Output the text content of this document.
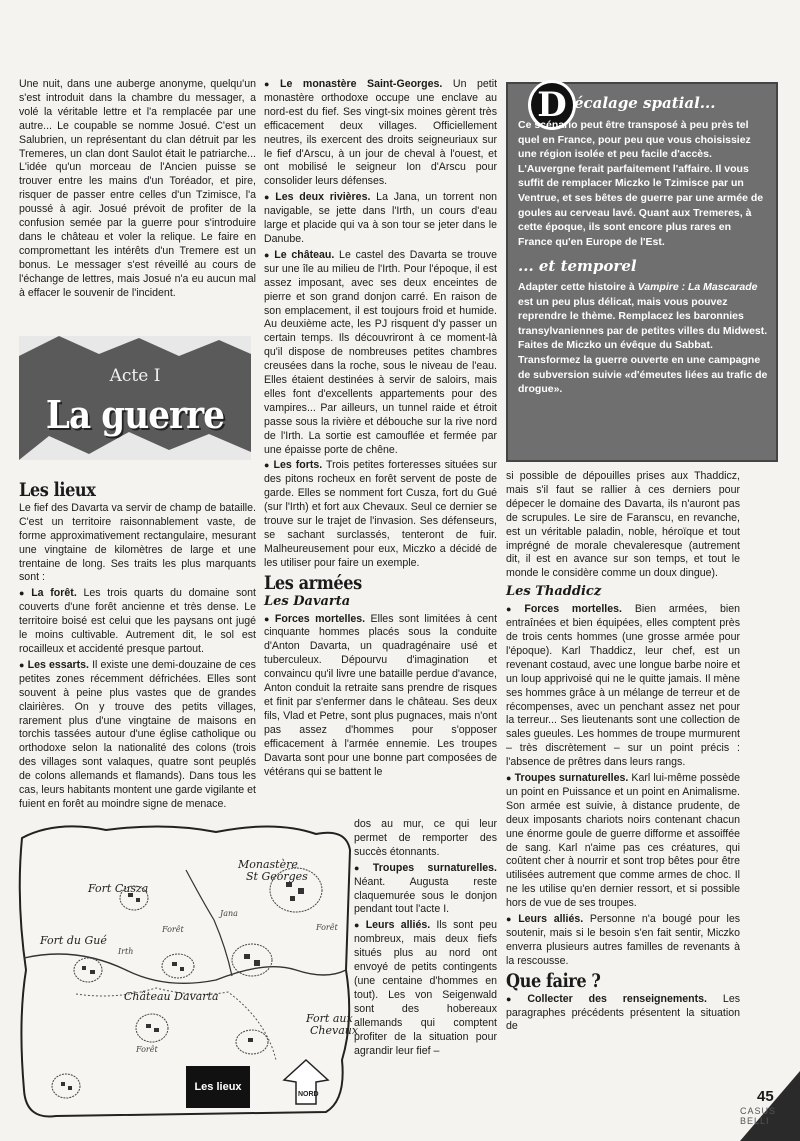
Une nuit, dans une auberge anonyme, quelqu'un s'est introduit dans la chambre du messager, a volé la véritable lettre et l'a remplacée par une autre... Le coupable se nomme Josué. C'est un Salubrien, un représentant du clan détruit par les Tremeres, un clan dont Saulot était le patriarche... L'idée qu'un morceau de l'Ancien puisse se trouver entre les mains d'un Toréador, et pire, risquer de passer entre celles d'un Tzimisce, l'a poussé à agir. Josué prévoit de profiter de la confusion semée par la guerre pour s'introduire dans le château et voler la relique. Le faire en compromettant les intérêts d'un Tremere est un bonus. Le messager s'est réveillé au cours de l'échange de lettres, mais Josué n'a eu aucun mal à effacer le souvenir de l'incident.

Acte I
La guerre
Les lieux

Le fief des Davarta va servir de champ de bataille. C'est un territoire raisonnablement vaste, de forme approximativement rectangulaire, mesurant une vingtaine de kilomètres de large et une trentaine de long. Ses traits les plus marquants sont :

● La forêt. Les trois quarts du domaine sont couverts d'une forêt ancienne et très dense. Le territoire boisé est celui que les paysans ont jugé le moins cultivable. Autrement dit, le sol est rocailleux et accidenté presque partout.

● Les essarts. Il existe une demi-douzaine de ces petites zones récemment défrichées. Elles sont souvent à peine plus vastes que de grandes clairières. On y trouve des petits villages, rarement plus d'une vingtaine de maisons en torchis tassées autour d'une église catholique ou orthodoxe selon la nationalité des colons (trois des villages sont valaques, quatre sont peuplés de colons allemands et flamands). Dans tous les cas, leurs habitants montent une garde vigilante et fuient en forêt au moindre signe de menace.

● Le monastère Saint-Georges. Un petit monastère orthodoxe occupe une enclave au nord-est du fief. Ses vingt-six moines gèrent très efficacement deux villages. Officiellement neutres, ils exercent des droits seigneuriaux sur le fief d'Arscu, à un jour de cheval à l'ouest, et ont mobilisé le seigneur Ion d'Arscu pour consolider leurs défenses.

● Les deux rivières. La Jana, un torrent non navigable, se jette dans l'Irth, un cours d'eau large et placide qui va à son tour se jeter dans le Danube.

● Le château. Le castel des Davarta se trouve sur une île au milieu de l'Irth. Pour l'époque, il est assez imposant, avec ses deux enceintes de pierre et son grand donjon carré. En raison de son emplacement, il est toujours froid et humide. Au deuxième acte, les PJ risquent d'y passer un certain temps. Ils découvriront à ce moment-là qu'il dispose de nombreuses petites chambres creusées dans la roche, sous le niveau de l'eau. Elles étaient destinées à servir de saloirs, mais elles font d'excellents appartements pour des vampires... Par ailleurs, un tunnel raide et étroit passe sous la rivière et débouche sur la rive nord de l'Irth. La sortie est camouflée et fermée par une épaisse porte de chêne.

● Les forts. Trois petites forteresses situées sur des pitons rocheux en forêt servent de poste de garde. Elles se nomment fort Cusza, fort du Gué (sur l'Irth) et fort aux Chevaux. Seul ce dernier se trouve sur le trajet de l'invasion. Ses défenseurs, se sachant surclassés, tenteront de fuir. Malheureusement pour eux, Miczko a décidé de les utiliser pour faire un exemple.

Les armées
Les Davarta

● Forces mortelles. Elles sont limitées à cent cinquante hommes placés sous la conduite d'Anton Davarta, un quadragénaire usé et tuberculeux. Dépourvu d'imagination et convaincu qu'il livre une bataille perdue d'avance, Anton conduit la retraite sans prendre de risques et finit par s'enfermer dans le château. Ses deux fils, Vlad et Petre, sont plus pugnaces, mais n'ont pas assez d'hommes pour s'opposer efficacement à l'armée ennemie. Les troupes Davarta sont pour une bonne part composées de vétérans qui se battent le

dos au mur, ce qui leur permet de remporter des succès étonnants.

● Troupes surnaturelles. Néant. Augusta reste claquemurée sous le donjon pendant tout l'acte I.

● Leurs alliés. Ils sont peu nombreux, mais deux fiefs situés plus au nord ont envoyé de petits contingents (une centaine d'hommes en tout). Les von Seigenwald sont des hobereaux allemands qui comptent profiter de la situation pour agrandir leur fief –

D écalage spatial...

Ce scénario peut être transposé à peu près tel quel en France, pour peu que vous choisissiez une région isolée et peu facile d'accès. L'Auvergne ferait parfaitement l'affaire. Il vous suffit de remplacer Miczko le Tzimisce par un Ventrue, et ses bêtes de guerre par une armée de goules au cerveau lavé. Quant aux Tremeres, à cette époque, ils sont encore plus rares en France qu'en Europe de l'Est.

... et temporel

Adapter cette histoire à Vampire : La Mascarade est un peu plus délicat, mais vous pouvez reprendre le thème. Remplacez les baronnies transylvaniennes par de petites villes du Midwest. Faites de Miczko un évêque du Sabbat. Transformez la guerre ouverte en une campagne de subversion suivie «d'émeutes liées au trafic de drogue».

si possible de dépouilles prises aux Thaddicz, mais s'il faut se rallier à ces derniers pour dépecer le domaine des Davarta, ils n'auront pas de scrupules. Le sire de Faranscu, en revanche, est un véritable paladin, noble, héroïque et tout imprégné de morale chevaleresque (autrement dit, il est en avance sur son temps, et tout le monde le considère comme un doux dingue).

Les Thaddicz

● Forces mortelles. Bien armées, bien entraînées et bien équipées, elles comptent près de trois cents hommes (une grosse armée pour l'époque). Karl Thaddicz, leur chef, est un revenant costaud, avec une longue barbe noire et un loup apprivoisé qui ne le quitte jamais. Il mène ses hommes grâce à un mélange de terreur et de récompenses, avec un penchant assez net pour la terreur... Ses lieutenants sont une collection de sales gueules. Les hommes de troupe murmurent – très discrètement – sur un point précis : l'absence de prêtres dans leurs rangs.

● Troupes surnaturelles. Karl lui-même possède un point en Puissance et un point en Animalisme. Son armée est suivie, à distance prudente, de deux imposants chariots noirs contenant chacun une énorme goule de guerre difforme et assoiffée de sang. Karl n'aime pas ces créatures, qui coûtent cher à nourrir et sont trop bêtes pour être utilisées autrement que comme armes de choc. Il ne les utilise qu'en dernier ressort, et si possible hors de vue de ses troupes.

● Leurs alliés. Personne n'a bougé pour les soutenir, mais si le besoin s'en fait sentir, Miczko enverra plusieurs autres familles de revenants à la rescousse.

Que faire ?

● Collecter des renseignements. Les paragraphes précédents présentent la situation de

Monastère
St Georges
Fort Cusza
Fort du Gué
Château Davarta
Fort aux
Chevaux
Forêt	Forêt
Forêt
Irth
Jana
NORD
Les lieux
45
CASUS BELLI
